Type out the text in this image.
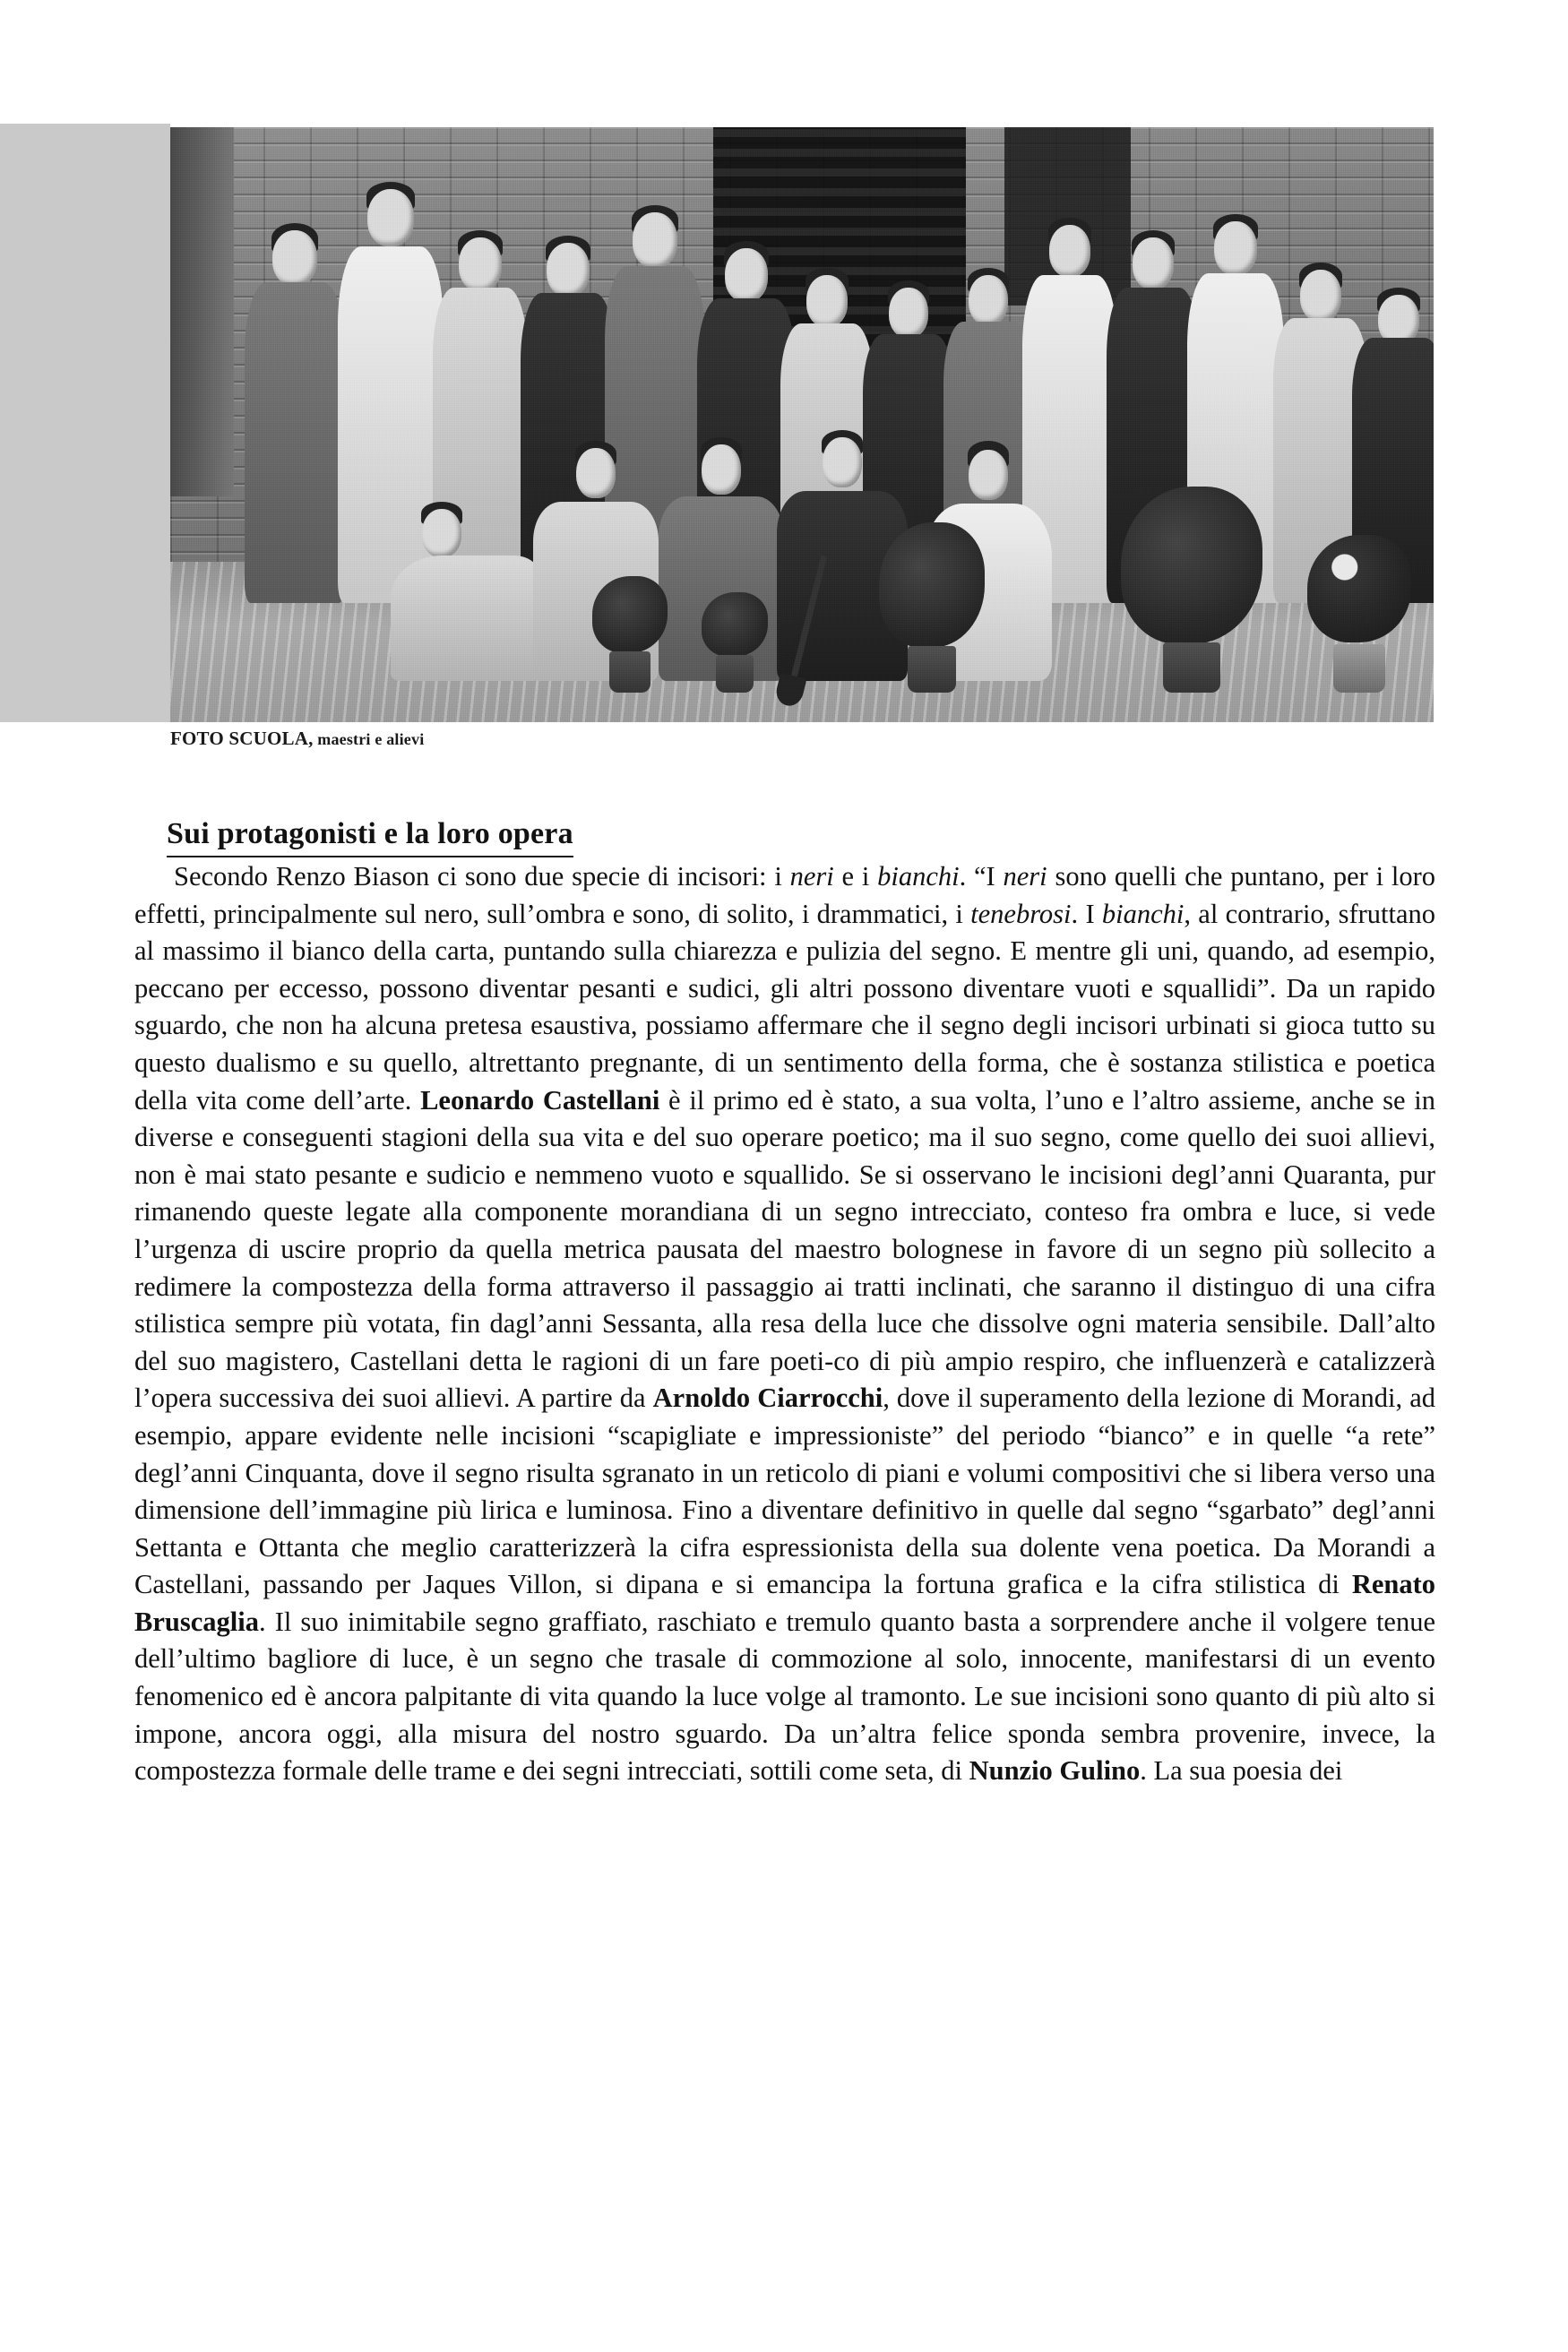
FOTO SCUOLA, maestri e alievi
Sui protagonisti e la loro opera

Secondo Renzo Biason ci sono due specie di incisori: i neri e i bianchi. “I neri sono quelli che puntano, per i loro effetti, principalmente sul nero, sull’ombra e sono, di solito, i drammatici, i tenebrosi. I bianchi, al contrario, sfruttano al massimo il bianco della carta, puntando sulla chiarezza e pulizia del segno. E mentre gli uni, quando, ad esempio, peccano per eccesso, possono diventar pesanti e sudici, gli altri possono diventare vuoti e squallidi”. Da un rapido sguardo, che non ha alcuna pretesa esaustiva, possiamo affermare che il segno degli incisori urbinati si gioca tutto su questo dualismo e su quello, altrettanto pregnante, di un sentimento della forma, che è sostanza stilistica e poetica della vita come dell’arte. Leonardo Castellani è il primo ed è stato, a sua volta, l’uno e l’altro assieme, anche se in diverse e conseguenti stagioni della sua vita e del suo operare poetico; ma il suo segno, come quello dei suoi allievi, non è mai stato pesante e sudicio e nemmeno vuoto e squallido. Se si osservano le incisioni degl’anni Quaranta, pur rimanendo queste legate alla componente morandiana di un segno intrecciato, conteso fra ombra e luce, si vede l’urgenza di uscire proprio da quella metrica pausata del maestro bolognese in favore di un segno più sollecito a redimere la compostezza della forma attraverso il passaggio ai tratti inclinati, che saranno il distinguo di una cifra stilistica sempre più votata, fin dagl’anni Sessanta, alla resa della luce che dissolve ogni materia sensibile. Dall’alto del suo magistero, Castellani detta le ragioni di un fare poeti-co di più ampio respiro, che influenzerà e catalizzerà l’opera successiva dei suoi allievi. A partire da Arnoldo Ciarrocchi, dove il superamento della lezione di Morandi, ad esempio, appare evidente nelle incisioni “scapigliate e impressioniste” del periodo “bianco” e in quelle “a rete” degl’anni Cinquanta, dove il segno risulta sgranato in un reticolo di piani e volumi compositivi che si libera verso una dimensione dell’immagine più lirica e luminosa. Fino a diventare definitivo in quelle dal segno “sgarbato” degl’anni Settanta e Ottanta che meglio caratterizzerà la cifra espressionista della sua dolente vena poetica. Da Morandi a Castellani, passando per Jaques Villon, si dipana e si emancipa la fortuna grafica e la cifra stilistica di Renato Bruscaglia. Il suo inimitabile segno graffiato, raschiato e tremulo quanto basta a sorprendere anche il volgere tenue dell’ultimo bagliore di luce, è un segno che trasale di commozione al solo, innocente, manifestarsi di un evento fenomenico ed è ancora palpitante di vita quando la luce volge al tramonto. Le sue incisioni sono quanto di più alto si impone, ancora oggi, alla misura del nostro sguardo. Da un’altra felice sponda sembra provenire, invece, la compostezza formale delle trame e dei segni intrecciati, sottili come seta, di Nunzio Gulino. La sua poesia dei
